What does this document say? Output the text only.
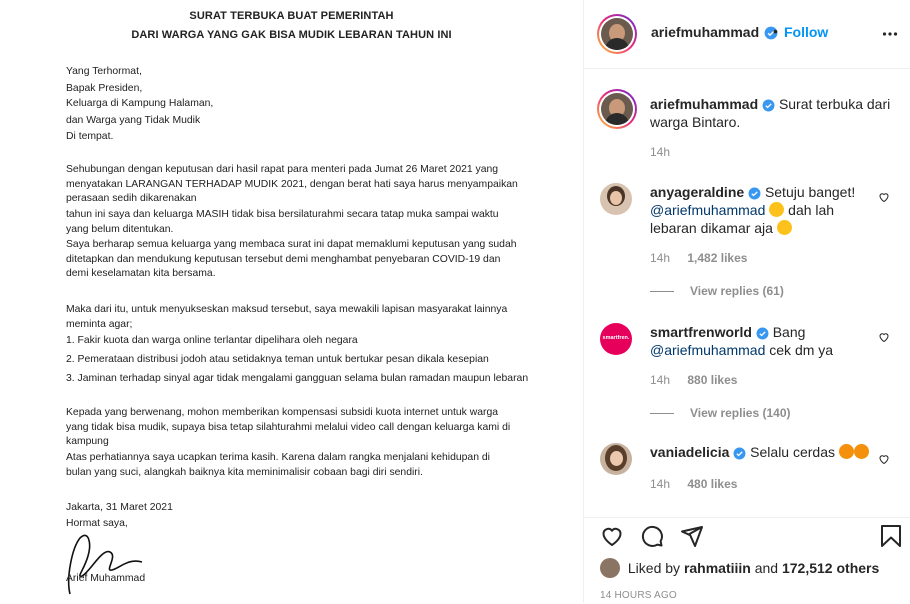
SURAT TERBUKA BUAT PEMERINTAH
DARI WARGA YANG GAK BISA MUDIK LEBARAN TAHUN INI
Yang Terhormat,
Bapak Presiden,
Keluarga di Kampung Halaman,
dan Warga yang Tidak Mudik
Di tempat.
Sehubungan dengan keputusan dari hasil rapat para menteri pada Jumat 26 Maret 2021 yang menyatakan LARANGAN TERHADAP MUDIK 2021, dengan berat hati saya harus menyampaikan perasaan sedih dikarenakan
tahun ini saya dan keluarga MASIH tidak bisa bersilaturahmi secara tatap muka sampai waktu yang belum ditentukan.
Saya berharap semua keluarga yang membaca surat ini dapat memaklumi keputusan yang sudah ditetapkan dan mendukung keputusan tersebut demi menghambat penyebaran COVID-19 dan demi keselamatan kita bersama.
Maka dari itu, untuk menyukseskan maksud tersebut, saya mewakili lapisan masyarakat lainnya meminta agar;
1. Fakir kuota dan warga online terlantar dipelihara oleh negara
2. Pemerataan distribusi jodoh atau setidaknya teman untuk bertukar pesan dikala kesepian
3. Jaminan terhadap sinyal agar tidak mengalami gangguan selama bulan ramadan maupun lebaran
Kepada yang berwenang, mohon memberikan kompensasi subsidi kuota internet untuk warga yang tidak bisa mudik, supaya bisa tetap silahturahmi melalui video call dengan keluarga kami di kampung
Atas perhatiannya saya ucapkan terima kasih. Karena dalam rangka menjalani kehidupan di bulan yang suci, alangkah baiknya kita meminimalisir cobaan bagi diri sendiri.
Jakarta, 31 Maret 2021
Hormat saya,
Arief Muhammad
ariefmuhammad • Follow
ariefmuhammad Surat terbuka dari warga Bintaro.
14h
anyageraldine Setuju banget! @ariefmuhammad dah lah lebaran dikamar aja
14h 1,482 likes
View replies (61)
smartfren. smartfrenworld Bang @ariefmuhammad cek dm ya
14h 880 likes
View replies (140)
vaniadelicia Selalu cerdas
14h 480 likes
Liked by rahmatiiin and 172,512 others
14 HOURS AGO
